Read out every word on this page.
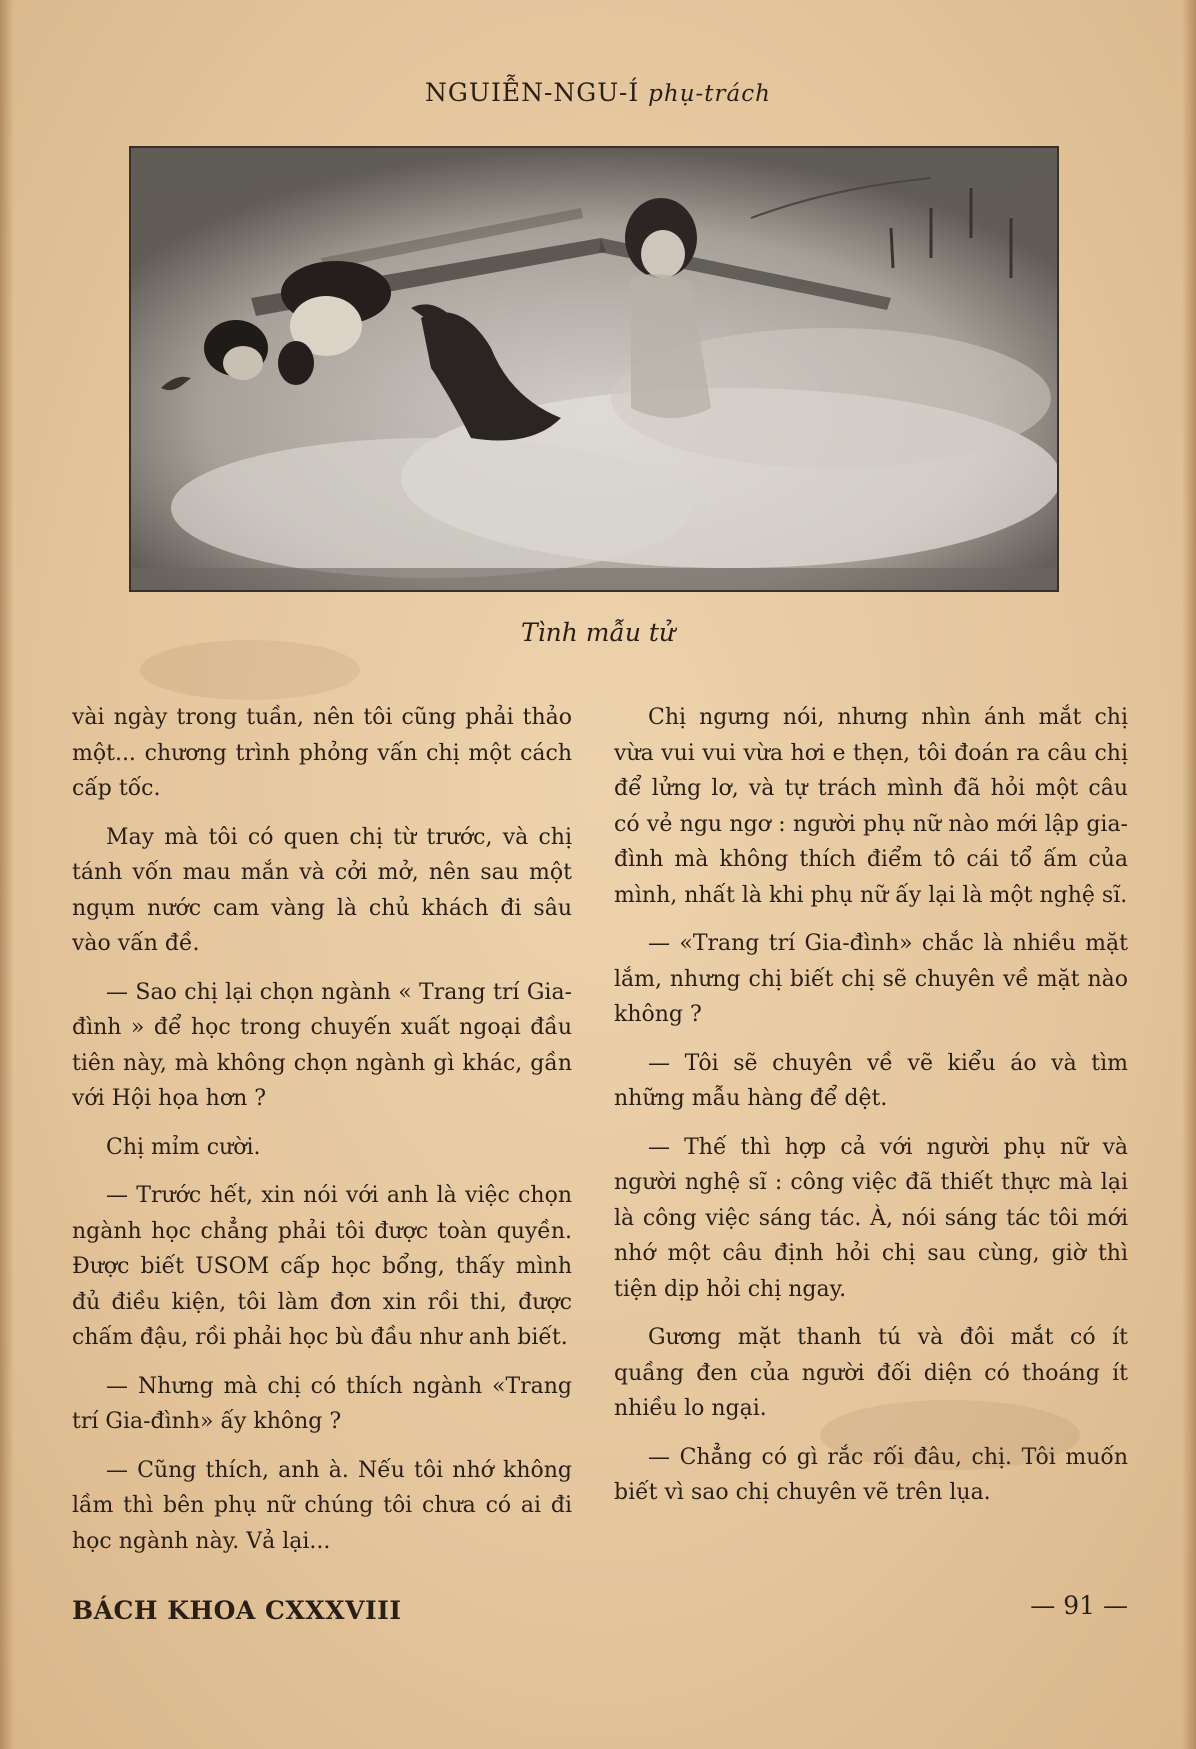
NGUIỄN-NGU-Í phụ-trách
Tình mẫu tử

vài ngày trong tuần, nên tôi cũng phải thảo một... chương trình phỏng vấn chị một cách cấp tốc.

May mà tôi có quen chị từ trước, và chị tánh vốn mau mắn và cởi mở, nên sau một ngụm nước cam vàng là chủ khách đi sâu vào vấn đề.

— Sao chị lại chọn ngành « Trang trí Gia-đình » để học trong chuyến xuất ngoại đầu tiên này, mà không chọn ngành gì khác, gần với Hội họa hơn ?

Chị mỉm cười.

— Trước hết, xin nói với anh là việc chọn ngành học chẳng phải tôi được toàn quyền. Được biết USOM cấp học bổng, thấy mình đủ điều kiện, tôi làm đơn xin rồi thi, được chấm đậu, rồi phải học bù đầu như anh biết.

— Nhưng mà chị có thích ngành «Trang trí Gia-đình» ấy không ?

— Cũng thích, anh à. Nếu tôi nhớ không lầm thì bên phụ nữ chúng tôi chưa có ai đi học ngành này. Vả lại...

Chị ngưng nói, nhưng nhìn ánh mắt chị vừa vui vui vừa hơi e thẹn, tôi đoán ra câu chị để lửng lơ, và tự trách mình đã hỏi một câu có vẻ ngu ngơ : người phụ nữ nào mới lập gia-đình mà không thích điểm tô cái tổ ấm của mình, nhất là khi phụ nữ ấy lại là một nghệ sĩ.

— «Trang trí Gia-đình» chắc là nhiều mặt lắm, nhưng chị biết chị sẽ chuyên về mặt nào không ?

— Tôi sẽ chuyên về vẽ kiểu áo và tìm những mẫu hàng để dệt.

— Thế thì hợp cả với người phụ nữ và người nghệ sĩ : công việc đã thiết thực mà lại là công việc sáng tác. À, nói sáng tác tôi mới nhớ một câu định hỏi chị sau cùng, giờ thì tiện dịp hỏi chị ngay.

Gương mặt thanh tú và đôi mắt có ít quầng đen của người đối diện có thoáng ít nhiều lo ngại.

— Chẳng có gì rắc rối đâu, chị. Tôi muốn biết vì sao chị chuyên vẽ trên lụa.

BÁCH KHOA CXXXVIII	— 91 —
